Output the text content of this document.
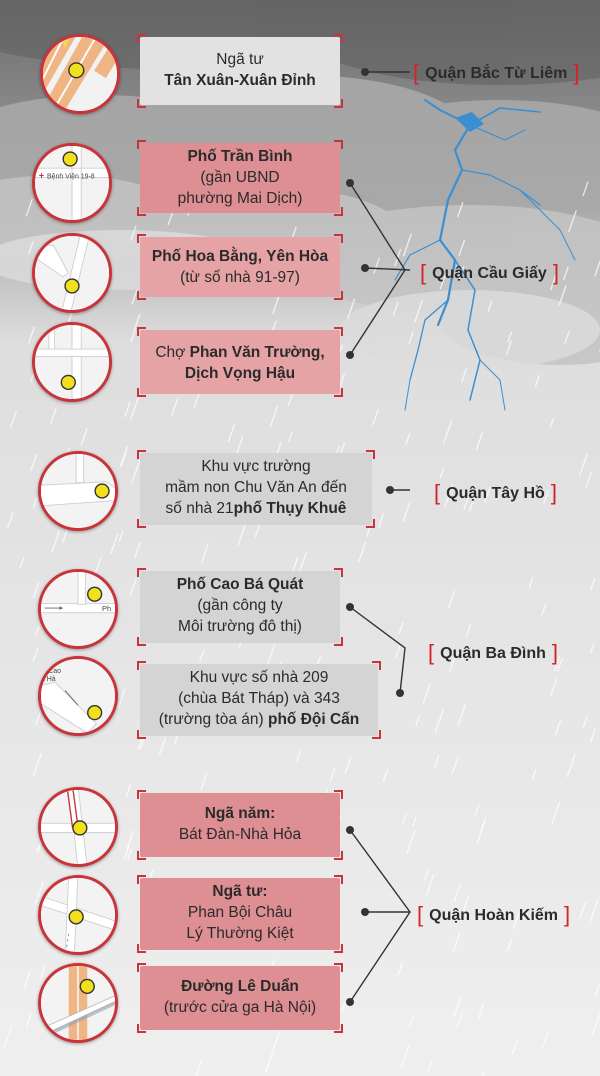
+ Bệnh Viện 19-8
Ph
ối Cao
á Hà
Ngã tư
Tân Xuân-Xuân Đỉnh
Phố Trần Bình
(gần UBND
phường Mai Dịch)
Phố Hoa Bằng, Yên Hòa
(từ số nhà 91-97)
Chợ Phan Văn Trường,
Dịch Vọng Hậu
Khu vực trường
mầm non Chu Văn An đến
số nhà 21phố Thụy Khuê
Phố Cao Bá Quát
(gần công ty
Môi trường đô thị)
Khu vực số nhà 209
(chùa Bát Tháp) và 343
(trường tòa án) phố Đội Cấn
Ngã năm:
Bát Đàn-Nhà Hỏa
Ngã tư:
Phan Bội Châu
Lý Thường Kiệt
Đường Lê Duẩn
(trước cửa ga Hà Nội)
[ Quận Bắc Từ Liêm ]
[ Quận Cầu Giấy ]
[ Quận Tây Hồ ]
[ Quận Ba Đình ]
[ Quận Hoàn Kiếm ]
